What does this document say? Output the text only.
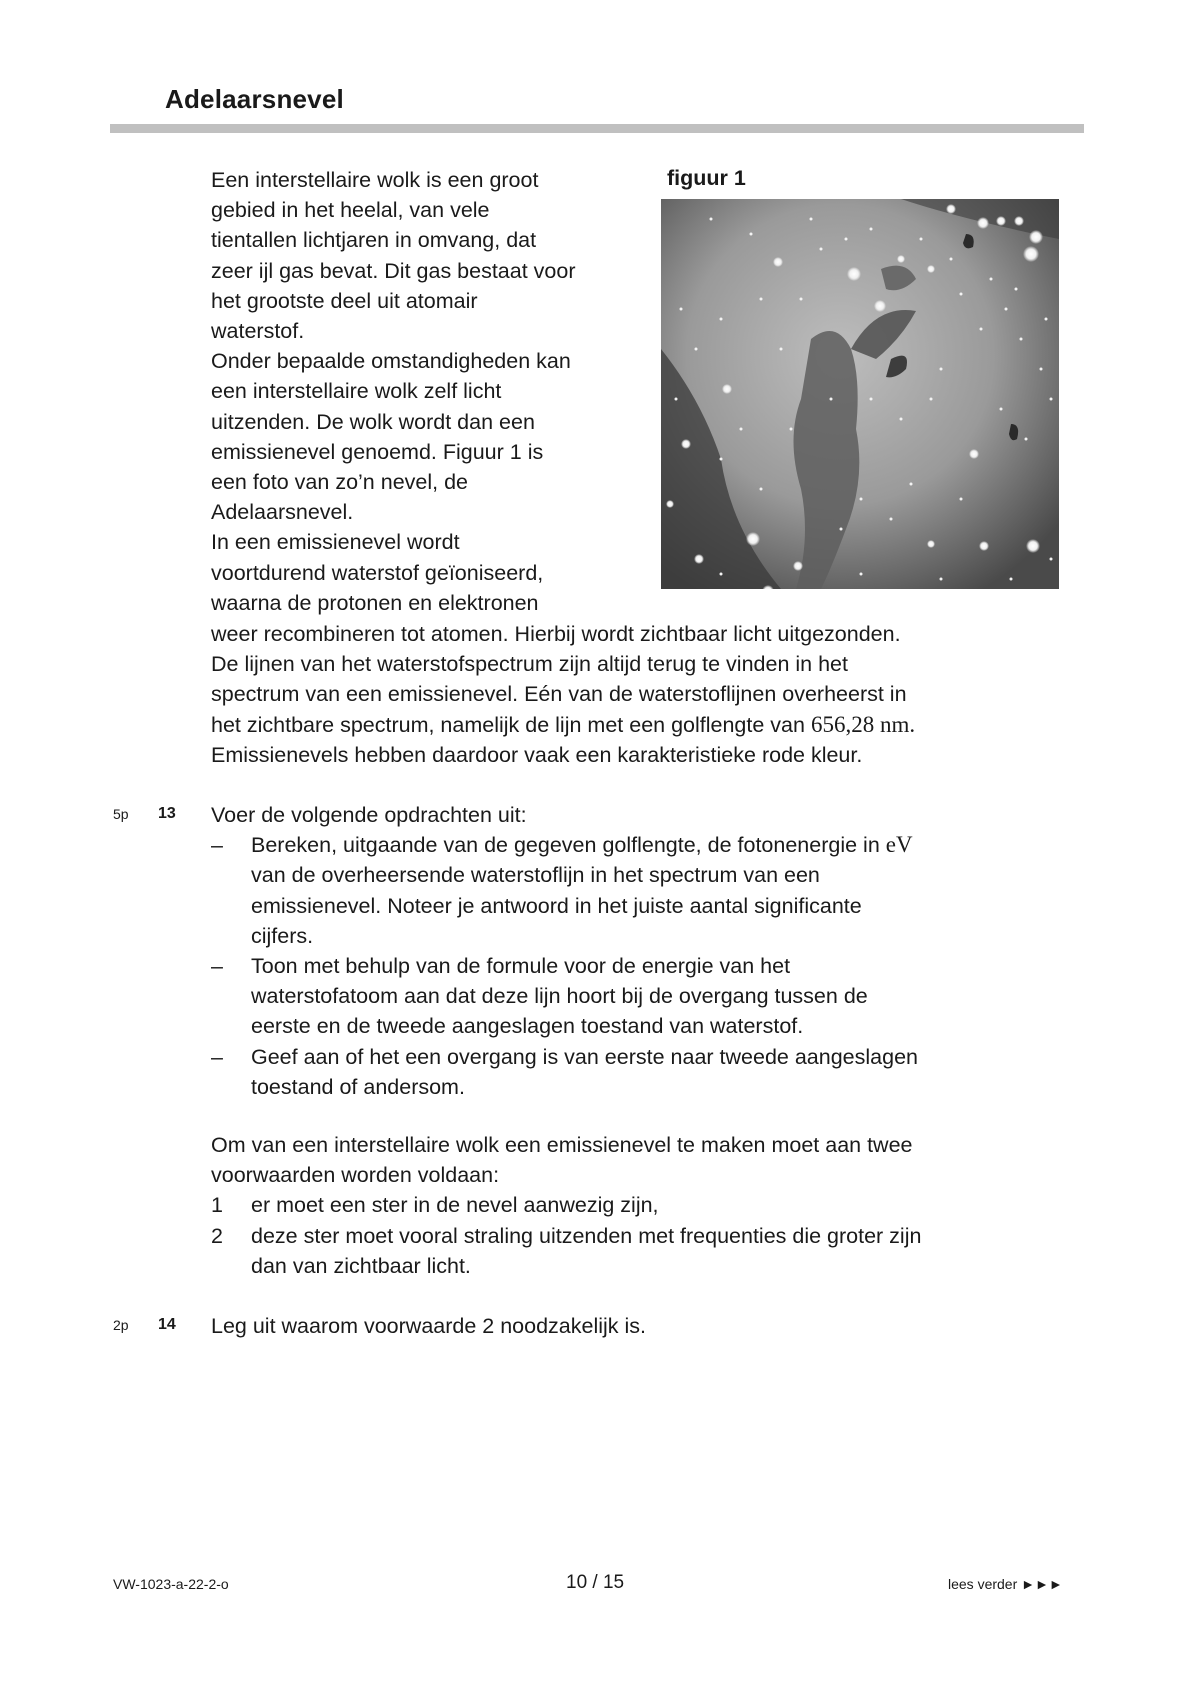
Adelaarsnevel

Een interstellaire wolk is een groot

gebied in het heelal, van vele

tientallen lichtjaren in omvang, dat

zeer ijl gas bevat. Dit gas bestaat voor

het grootste deel uit atomair

waterstof.

Onder bepaalde omstandigheden kan

een interstellaire wolk zelf licht

uitzenden. De wolk wordt dan een

emissienevel genoemd. Figuur 1 is

een foto van zo’n nevel, de

Adelaarsnevel.

In een emissienevel wordt

voortdurend waterstof geïoniseerd,

waarna de protonen en elektronen

figuur 1

weer recombineren tot atomen. Hierbij wordt zichtbaar licht uitgezonden.

De lijnen van het waterstofspectrum zijn altijd terug te vinden in het

spectrum van een emissienevel. Eén van de waterstoflijnen overheerst in

het zichtbare spectrum, namelijk de lijn met een golflengte van 656,28 nm.

Emissienevels hebben daardoor vaak een karakteristieke rode kleur.

5p 13 Voer de volgende opdrachten uit:
– Bereken, uitgaande van de gegeven golflengte, de fotonenergie in eV
van de overheersende waterstoflijn in het spectrum van een
emissienevel. Noteer je antwoord in het juiste aantal significante
cijfers.
– Toon met behulp van de formule voor de energie van het
waterstofatoom aan dat deze lijn hoort bij de overgang tussen de
eerste en de tweede aangeslagen toestand van waterstof.
– Geef aan of het een overgang is van eerste naar tweede aangeslagen
toestand of andersom.
Om van een interstellaire wolk een emissienevel te maken moet aan twee
voorwaarden worden voldaan:
1 er moet een ster in de nevel aanwezig zijn,
2 deze ster moet vooral straling uitzenden met frequenties die groter zijn
dan van zichtbaar licht.
2p 14 Leg uit waarom voorwaarde 2 noodzakelijk is.
VW-1023-a-22-2-o	10 / 15	lees verder ►►►
